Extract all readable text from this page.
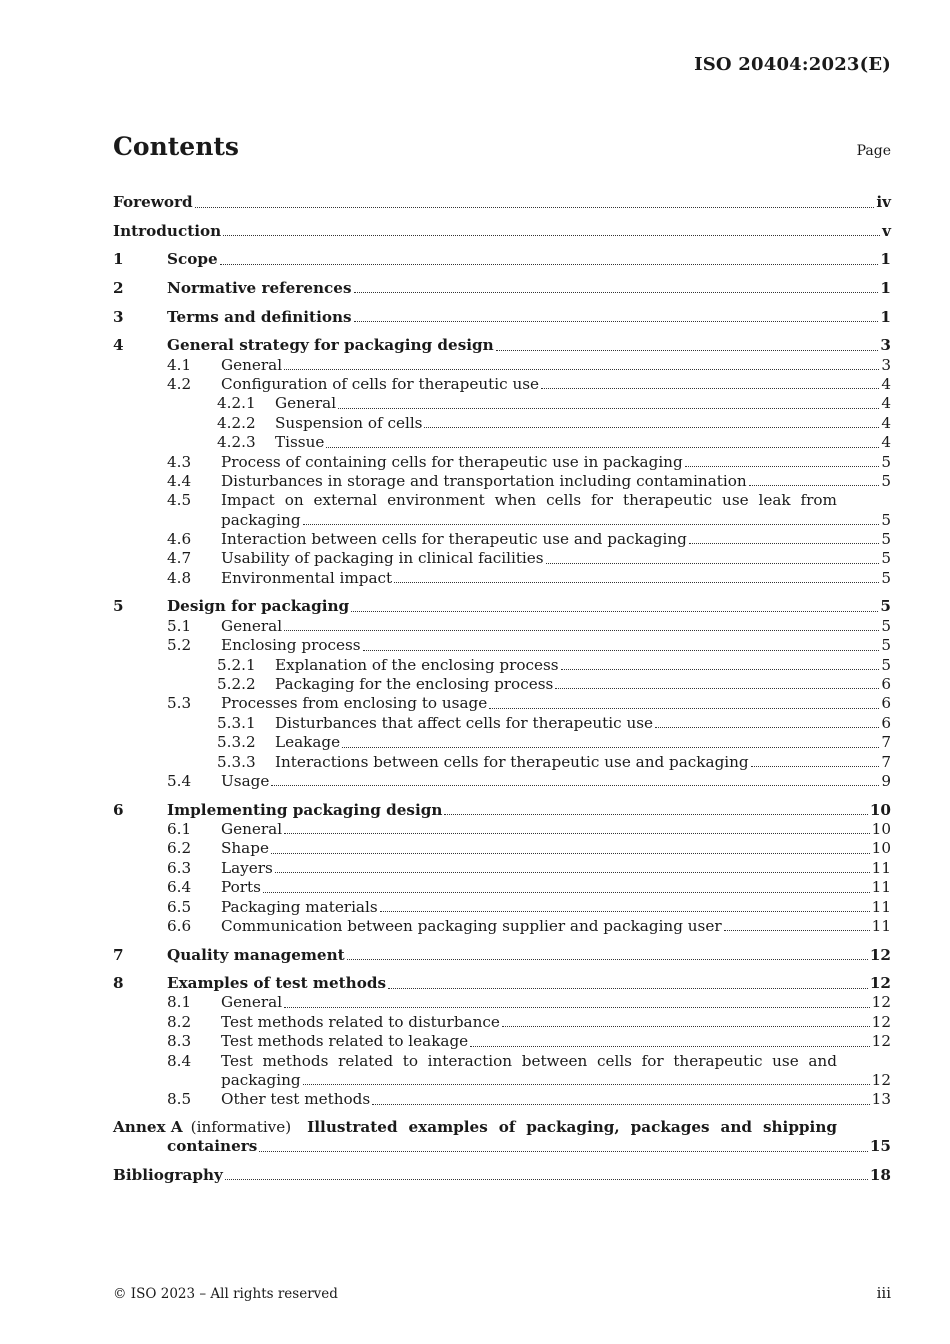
ISO 20404:2023(E)
Contents	Page
Foreword	iv
Introduction	v
1	Scope	1
2	Normative references	1
3	Terms and definitions	1
4	General strategy for packaging design	3
4.1	General	3
4.2	Configuration of cells for therapeutic use	4
4.2.1	General	4
4.2.2	Suspension of cells	4
4.2.3	Tissue	4
4.3	Process of containing cells for therapeutic use in packaging	5
4.4	Disturbances in storage and transportation including contamination	5
4.5	Impact on external environment when cells for therapeutic use leak from
packaging	5
4.6	Interaction between cells for therapeutic use and packaging	5
4.7	Usability of packaging in clinical facilities	5
4.8	Environmental impact	5
5	Design for packaging	5
5.1	General	5
5.2	Enclosing process	5
5.2.1	Explanation of the enclosing process	5
5.2.2	Packaging for the enclosing process	6
5.3	Processes from enclosing to usage	6
5.3.1	Disturbances that affect cells for therapeutic use	6
5.3.2	Leakage	7
5.3.3	Interactions between cells for therapeutic use and packaging	7
5.4	Usage	9
6	Implementing packaging design	10
6.1	General	10
6.2	Shape	10
6.3	Layers	11
6.4	Ports	11
6.5	Packaging materials	11
6.6	Communication between packaging supplier and packaging user	11
7	Quality management	12
8	Examples of test methods	12
8.1	General	12
8.2	Test methods related to disturbance	12
8.3	Test methods related to leakage	12
8.4	Test methods related to interaction between cells for therapeutic use and
packaging	12
8.5	Other test methods	13
Annex A (informative) Illustrated examples of packaging, packages and shipping
containers	15
Bibliography	18
© ISO 2023 – All rights reserved	iii
